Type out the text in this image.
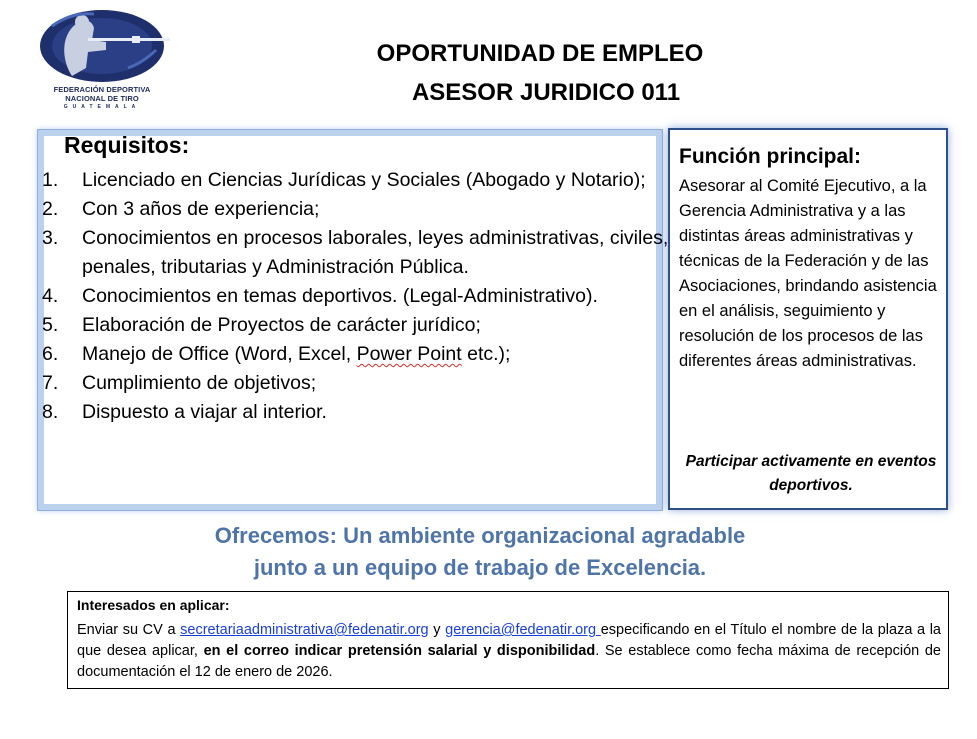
FEDERACIÓN DEPORTIVA
NACIONAL DE TIRO
GUATEMALA
OPORTUNIDAD DE EMPLEO
ASESOR JURIDICO 011
Requisitos:
1. Licenciado en Ciencias Jurídicas y Sociales (Abogado y Notario);
2. Con 3 años de experiencia;
3. Conocimientos en procesos laborales, leyes administrativas, civiles, penales, tributarias y Administración Pública.
4. Conocimientos en temas deportivos. (Legal-Administrativo).
5. Elaboración de Proyectos de carácter jurídico;
6. Manejo de Office (Word, Excel, Power Point etc.);
7. Cumplimiento de objetivos;
8. Dispuesto a viajar al interior.
Función principal:
Asesorar al Comité Ejecutivo, a la Gerencia Administrativa y a las distintas áreas administrativas y técnicas de la Federación y de las Asociaciones, brindando asistencia en el análisis, seguimiento y resolución de los procesos de las diferentes áreas administrativas.
Participar activamente en eventos deportivos.
Ofrecemos: Un ambiente organizacional agradable
junto a un equipo de trabajo de Excelencia.
Interesados en aplicar:
Enviar su CV a secretariaadministrativa@fedenatir.org y gerencia@fedenatir.org especificando en el Título el nombre de la plaza a la que desea aplicar, en el correo indicar pretensión salarial y disponibilidad. Se establece como fecha máxima de recepción de documentación el 12 de enero de 2026.
